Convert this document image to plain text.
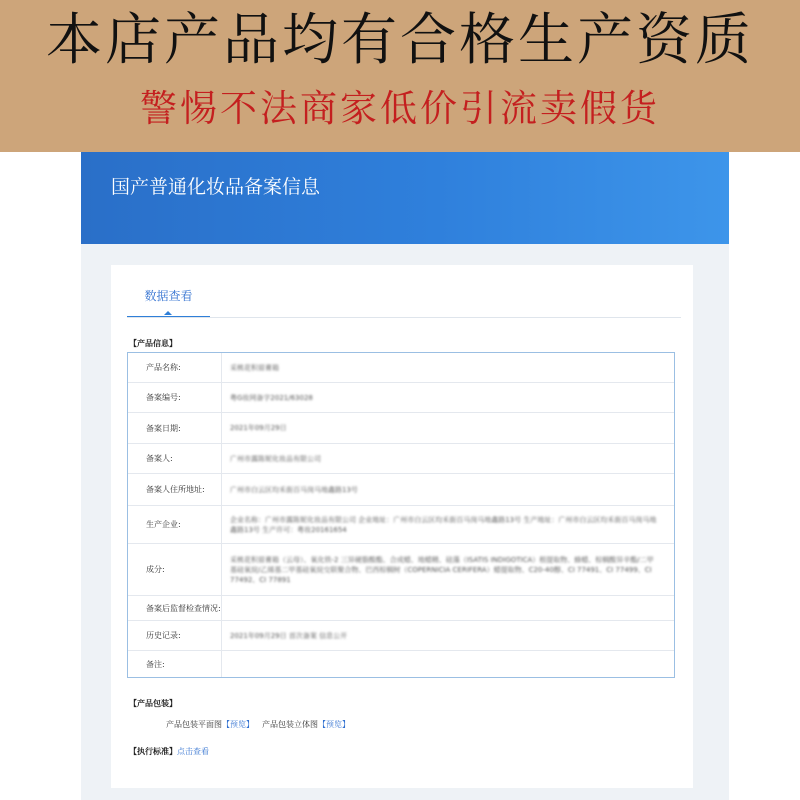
本店产品均有合格生产资质
警惕不法商家低价引流卖假货
国产普通化妆品备案信息
数据查看
【产品信息】
产品名称:	采桃花积眉膏箱
备案编号:	粤G妆网备字2021/63028
备案日期:	2021年09月29日
备案人:	广州市露陈妮化妆品有限公司
备案人住所地址:	广州市白云区均禾街百马岗马地鑫路13号
生产企业:
企业名称：广州市露陈妮化妆品有限公司 企业地址：广州市白云区均禾街百马岗马地鑫路13号 生产地址：广州市白云区均禾街百马岗马地鑫路13号 生产许可：粤妆20161654
成分:
采桃花积眉膏箱（云母）、氧化铁-2 三异硬脂酸酯、合成蜡、地蜡精、硅藻（ISATIS INDIGOTICA）根提取物、蜂蜡、棕榈酸异辛酯/二甲基硅氧烷/乙烯基二甲基硅氧烷交联聚合物、巴西棕榈树（COPERNICIA CERIFERA）蜡提取物、C20-40醇、CI 77491、CI 77499、CI 77492、CI 77891
备案后监督检查情况:
历史记录:	2021年09月29日 首次备案 信息公开
备注:
【产品包装】
产品包装平面图【预览】 产品包装立体图【预览】
【执行标准】点击查看
